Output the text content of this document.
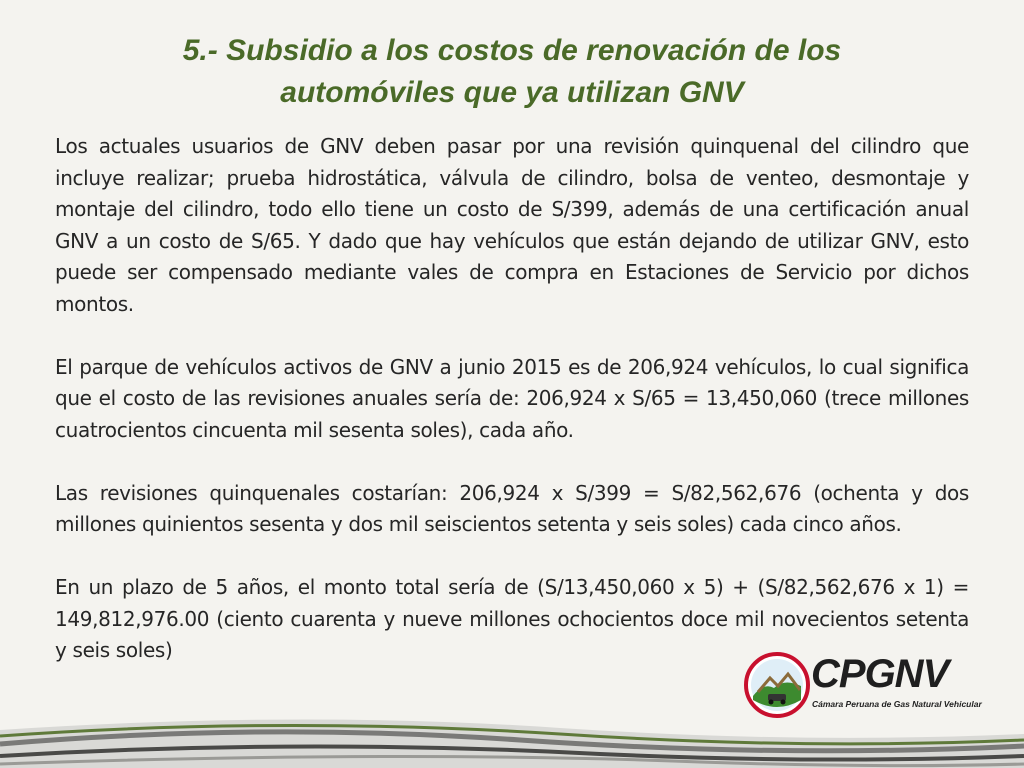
5.- Subsidio a los costos de renovación de los
automóviles que ya utilizan GNV

Los actuales usuarios de GNV deben pasar por una revisión quinquenal del cilindro que incluye realizar; prueba hidrostática, válvula de cilindro, bolsa de venteo, desmontaje y montaje del cilindro, todo ello tiene un costo de S/399, además de una certificación anual GNV a un costo de S/65. Y dado que hay vehículos que están dejando de utilizar GNV, esto puede ser compensado mediante vales de compra en Estaciones de Servicio por dichos montos.

El parque de vehículos activos de GNV a junio 2015 es de 206,924 vehículos, lo cual significa que el costo de las revisiones anuales sería de: 206,924 x S/65 = 13,450,060 (trece millones cuatrocientos cincuenta mil sesenta soles), cada año.

Las revisiones quinquenales costarían: 206,924 x S/399 = S/82,562,676 (ochenta y dos millones quinientos sesenta y dos mil seiscientos setenta y seis soles) cada cinco años.

En un plazo de 5 años, el monto total sería de (S/13,450,060 x 5) + (S/82,562,676 x 1) = 149,812,976.00 (ciento cuarenta y nueve millones ochocientos doce mil novecientos setenta y seis soles)

CPGNV
Cámara Peruana de Gas Natural Vehicular
